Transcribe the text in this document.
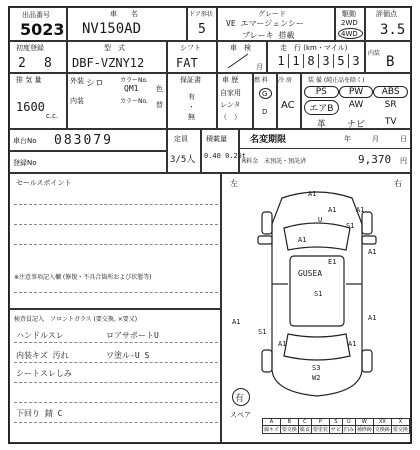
出品番号
5023
車　　名
NV150AD
ドア形状
5
グレード
VE エマージェンシー
ブレーキ 搭載
駆動
2WD
4WD
評価点
3.5
初度登録
2 8
型　式
DBF-VZNY12
シフト
FAT
車　検
月
走　行 (km・マイル)
1 1 8 3 5 3
内装
B
排 気 量
1600
c.c.
外装 シロ	カラーNo.
QM1	色
内装	カラーNo. 替
保証書
有
・
無
車 歴
自家用
レンタ
（　）
燃 料
G
D
冷 房
AC
装 備 (純正品を除く)
PS	PW	ABS
エアB	AW	SR
革	ナビ	TV
車台No 083079
登録No
定員
3/5人
積載量
0.40 0.25t
名変期限	年	月	日
R料金　未預託・預託済	9,370 円
セールスポイント
※注意事項記入欄 (修復・不具合箇所および状態等)
検査員記入　フロントガラス (要交換, ×要又)
ハンドルスレ	ロアサポートU
内装キズ 汚れ	ワ塗ル-U S
シートスレしみ
下回り 錆 C
左	右
A1
A1	A1
S1
U
A1
A1
S1
A1	A1
S1
S3
W2
A1	A1
E1
GUSEA
有
スペア
A	B	C	P	S	U	W	XX	X
線キズ	要交換	腐食	要塗装	サビ	凹み	補修跡	交換跡	要交換
